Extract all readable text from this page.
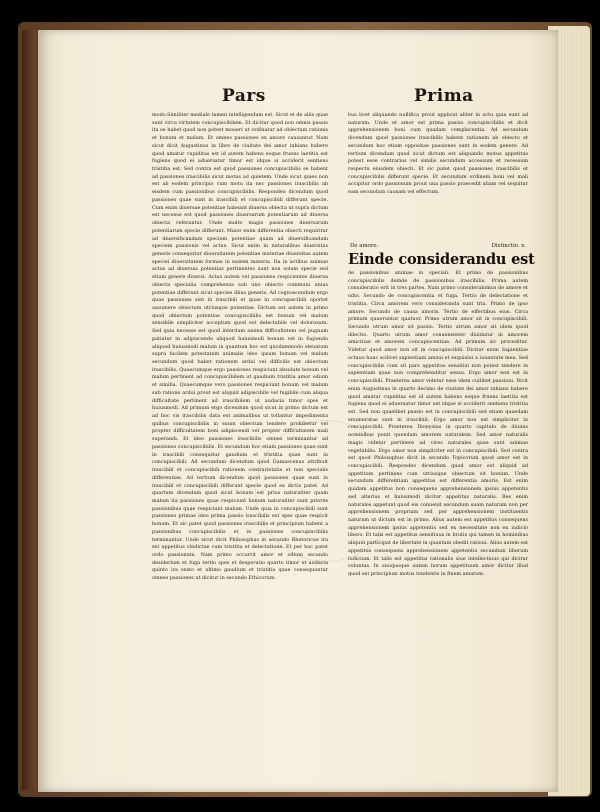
Pars	Prima

modo.Similiter mediale tamen intelligendum est. Sicut et de aliis quae sunt circa virtutem concupiscibilem. Et dicitur quod non omnis passio ita se habet quod non potest moueri ut ordinatur ad obiectum rationis et bonum et malum. Et omnes passiones ex amore causantur. Nam sicut dicit Augustinus in libro de ciuitate dei amor inhians habere quod amatur cupiditas est id autem habens eoque fruens laetitia est fugiens quod ei aduersatur timor est idque si acciderit sentiens tristitia est. Sed contra est quod passiones concupiscibilis se habent ad passiones irascibilis sicut motus ad quietem. Unde sicut quies non est ab eodem principio cum motu ita nec passiones irascibilis ab eisdem cum passionibus concupiscibilis. Respondeo dicendum quod passiones quae sunt in irascibili et concupiscibili differunt specie. Cum enim diuersae potentiae habeant diuersa obiecta ut supra dictum est necesse est quod passiones diuersarum potentiarum ad diuersa obiecta referantur. Unde multo magis passiones diuersarum potentiarum specie differunt. Maior enim differentia obiecti requiritur ad diuersificandam speciem potentiae quam ad diuersificandam speciem passionis vel actus. Sicut enim in naturalibus diuersitas generis consequitur diuersitatem potentiae materiae diuersitas autem speciei diuersitatem formae in eadem materia. Ita in actibus animae actus ad diuersas potentias pertinentes sunt non solum specie sed etiam genere diuersi. Actus autem vel passiones respicientes diuersa obiecta specialia comprehensa sub uno obiecto communi unius potentiae differunt sicut species illius generis. Ad cognoscendum ergo quae passiones sint in irascibili et quae in concupiscibili oportet assumere obiectum utriusque potentiae. Dictum est autem in primo quod obiectum potentiae concupiscibilis est bonum vel malum sensibile simpliciter acceptum quod est delectabile vel dolorosum. Sed quia necesse est quod interdum anima difficultatem vel pugnam patiatur in adipiscendo aliquod huiusmodi bonum vel in fugiendo aliquod huiusmodi malum in quantum hoc est quodammodo eleuatum supra facilem potestatem animalis ideo ipsum bonum vel malum secundum quod habet rationem ardui vel difficilis est obiectum irascibilis. Quaecumque ergo passiones respiciunt absolute bonum vel malum pertinent ad concupiscibilem ut gaudium tristitia amor odium et similia. Quaecumque vero passiones respiciunt bonum vel malum sub ratione ardui prout est aliquid adipiscibile vel fugibile cum aliqua difficultate pertinent ad irascibilem ut audacia timor spes et huiusmodi. Ad primum ergo dicendum quod sicut in primo dictum est ad hoc vis irascibilis data est animalibus ut tollantur impedimenta quibus concupiscibilis in suum obiectum tendere prohibetur vel propter difficultatem boni adipiscendi vel propter difficultatem mali superandi. Et ideo passiones irascibilis omnes terminantur ad passiones concupiscibilis. Et secundum hoc etiam passiones quae sunt in irascibili consequitur gaudium et tristitia quae sunt in concupiscibili. Ad secundum dicendum quod Damascenus attribuit irascibili et concupiscibili rationem contrarietatis et non specialis differentiae. Ad tertium dicendum quod passiones quae sunt in irascibili et concupiscibili differunt specie quod ex dictis patet. Ad quartum dicendum quod sicut bonum est prius naturaliter quam malum ita passiones quae respiciunt bonum naturaliter sunt priores passionibus quae respiciunt malum. Unde quia in concupiscibili sunt passiones primae ideo prima passio irascibilis est spes quae respicit bonum. Et sic patet quod passiones irascibilis et principium habent a passionibus concupiscibilis et in passiones concupiscibilis terminantur. Unde sicut dicit Philosophus in secundo Rhetoricae ira est appetitus vindictae cum tristitia et delectatione. Et per hoc patet ordo passionum. Nam primo occurrit amor et odium secundo desiderium et fuga tertio spes et desperatio quarto timor et audacia quinto ira sexto et ultimo gaudium et tristitia quae consequuntur omnes passiones ut dicitur in secundo Ethicorum.

bus licet aliquando nullifica prout applicat aliter in actu quia sunt ad naturam. Unde et amor est prima passio concupiscibilis et dicit apprehensionem boni cum quadam complacentia. Ad secundum dicendum quod passiones irascibilis habent rationem ab obiecto et secundum hoc etiam oppositae passiones sunt in eodem genere. Ad tertium dicendum quod sicut dictum est aliquando motus appetitus potest esse contrarius vel similis secundum accessum et recessum respectu eiusdem obiecti. Et sic patet quod passiones irascibilis et concupiscibilis differunt specie. Et secundum ordinem boni vel mali accipitur ordo passionum prout una passio praecedit aliam vel sequitur eam secundum causam vel effectum.

De amore.	Distinctio. x.
Einde considerandu est

de passionibus animae in speciali. Et primo de passionibus concupiscibilis deinde de passionibus irascibilis. Prima autem consideratio erit in tres partes. Nam primo considerabimus de amore et odio. Secundo de concupiscentia et fuga. Tertio de delectatione et tristitia. Circa amorem vero consideranda sunt tria. Primo de ipso amore. Secundo de causa amoris. Tertio de effectibus eius. Circa primum quaeruntur quatuor. Primo utrum amor sit in concupiscibili. Secundo utrum amor sit passio. Tertio utrum amor sit idem quod dilectio. Quarto utrum amor conuenienter diuidatur in amorem amicitiae et amorem concupiscentiae. Ad primum sic proceditur. Videtur quod amor non sit in concupiscibili. Dicitur enim Sapientiae octauo hanc scilicet sapientiam amaui et exquisiui a iuuentute mea. Sed concupiscibilis cum sit pars appetitus sensitiui non potest tendere in sapientiam quae non comprehenditur sensu. Ergo amor non est in concupiscibili. Praeterea amor videtur esse idem cuilibet passioni. Dicit enim Augustinus in quarto decimo de ciuitate dei amor inhians habere quod amatur cupiditas est id autem habens eoque fruens laetitia est fugiens quod ei aduersatur timor est idque si acciderit sentiens tristitia est. Sed non quaelibet passio est in concupiscibili sed etiam quaedam enumeratae sunt in irascibili. Ergo amor non est simpliciter in concupiscibili. Praeterea Dionysius in quarto capitulo de diuinis nominibus ponit quendam amorem naturalem. Sed amor naturalis magis videtur pertinere ad vires naturales quae sunt animae vegetabilis. Ergo amor non simpliciter est in concupiscibili. Sed contra est quod Philosophus dicit in secundo Topicorum quod amor est in concupiscibili. Respondeo dicendum quod amor est aliquid ad appetitum pertinens cum utriusque obiectum sit bonum. Unde secundum differentiam appetitus est differentia amoris. Est enim quidam appetitus non consequens apprehensionem ipsius appetentis sed alterius et huiusmodi dicitur appetitus naturalis. Res enim naturales appetunt quod eis conuenit secundum suam naturam non per apprehensionem propriam sed per apprehensionem instituentis naturam ut dictum est in primo. Alius autem est appetitus consequens apprehensionem ipsius appetentis sed ex necessitate non ex iudicio libero. Et talis est appetitus sensitiuus in brutis qui tamen in hominibus aliquid participat de libertate in quantum obedit rationi. Alius autem est appetitus consequens apprehensionem appetentis secundum liberum iudicium. Et talis est appetitus rationalis siue intellectiuus qui dicitur voluntas. In unoquoque autem horum appetituum amor dicitur illud quod est principium motus tendentis in finem amatum.
